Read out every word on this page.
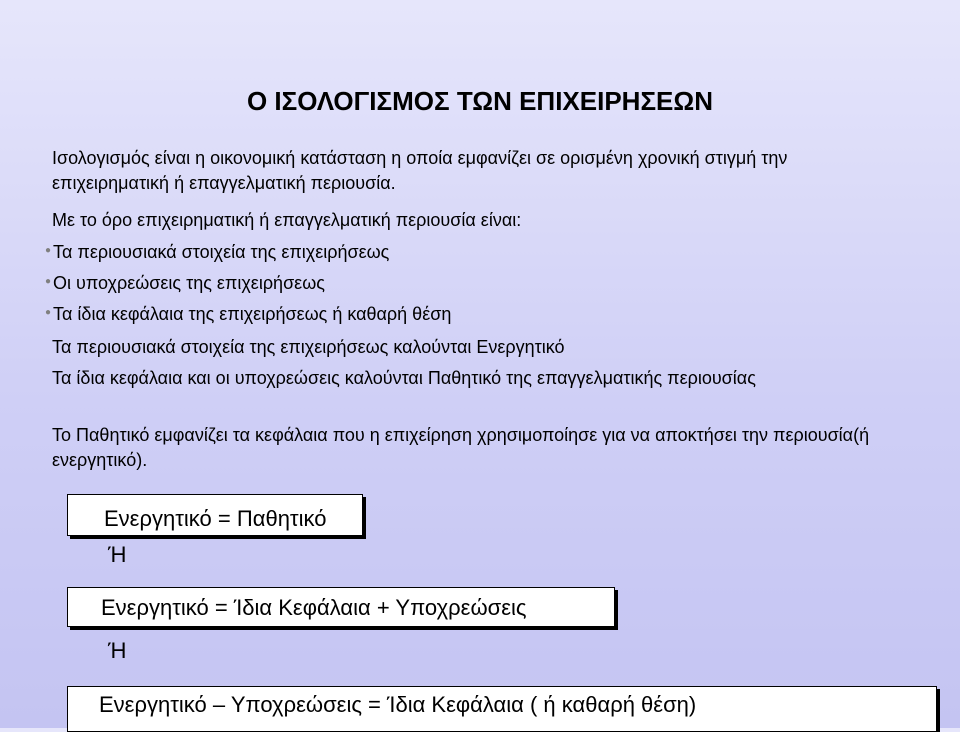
Ο ΙΣΟΛΟΓΙΣΜΟΣ ΤΩΝ ΕΠΙΧΕΙΡΗΣΕΩΝ
Ισολογισμός είναι η οικονομική κατάσταση η οποία εμφανίζει σε ορισμένη χρονική στιγμή την επιχειρηματική ή επαγγελματική περιουσία.
Με το όρο επιχειρηματική ή επαγγελματική περιουσία είναι:
● Τα περιουσιακά στοιχεία της επιχειρήσεως
● Οι υποχρεώσεις της επιχειρήσεως
● Τα ίδια κεφάλαια της επιχειρήσεως ή καθαρή θέση
Τα περιουσιακά στοιχεία της επιχειρήσεως καλούνται Ενεργητικό
Τα ίδια κεφάλαια και οι υποχρεώσεις καλούνται Παθητικό της επαγγελματικής περιουσίας
Το Παθητικό εμφανίζει τα κεφάλαια που η επιχείρηση χρησιμοποίησε για να αποκτήσει την περιουσία(ή ενεργητικό).
Ενεργητικό = Παθητικό
Ή
Ενεργητικό = Ίδια Κεφάλαια + Υποχρεώσεις
Ή
Ενεργητικό – Υποχρεώσεις = Ίδια Κεφάλαια ( ή καθαρή θέση)
